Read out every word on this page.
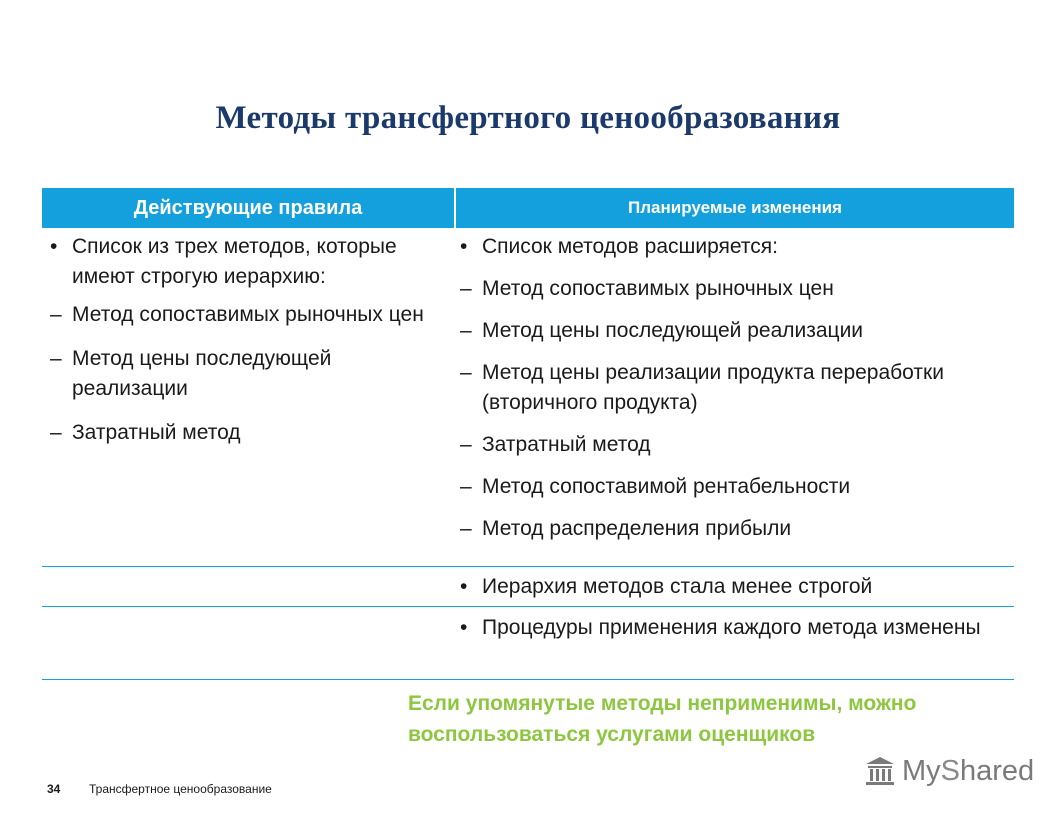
Методы трансфертного ценообразования
Действующие правила	Планируемые изменения
• Список из трех методов, которые имеют строгую иерархию:
– Метод сопоставимых рыночных цен
– Метод цены последующей реализации
– Затратный метод
• Список методов расширяется:
– Метод сопоставимых рыночных цен
– Метод цены последующей реализации
– Метод цены реализации продукта переработки (вторичного продукта)
– Затратный метод
– Метод сопоставимой рентабельности
– Метод распределения прибыли
• Иерархия методов стала менее строгой
• Процедуры применения каждого метода изменены
Если упомянутые методы неприменимы, можно воспользоваться услугами оценщиков
34 Трансфертное ценообразование
My S hared
